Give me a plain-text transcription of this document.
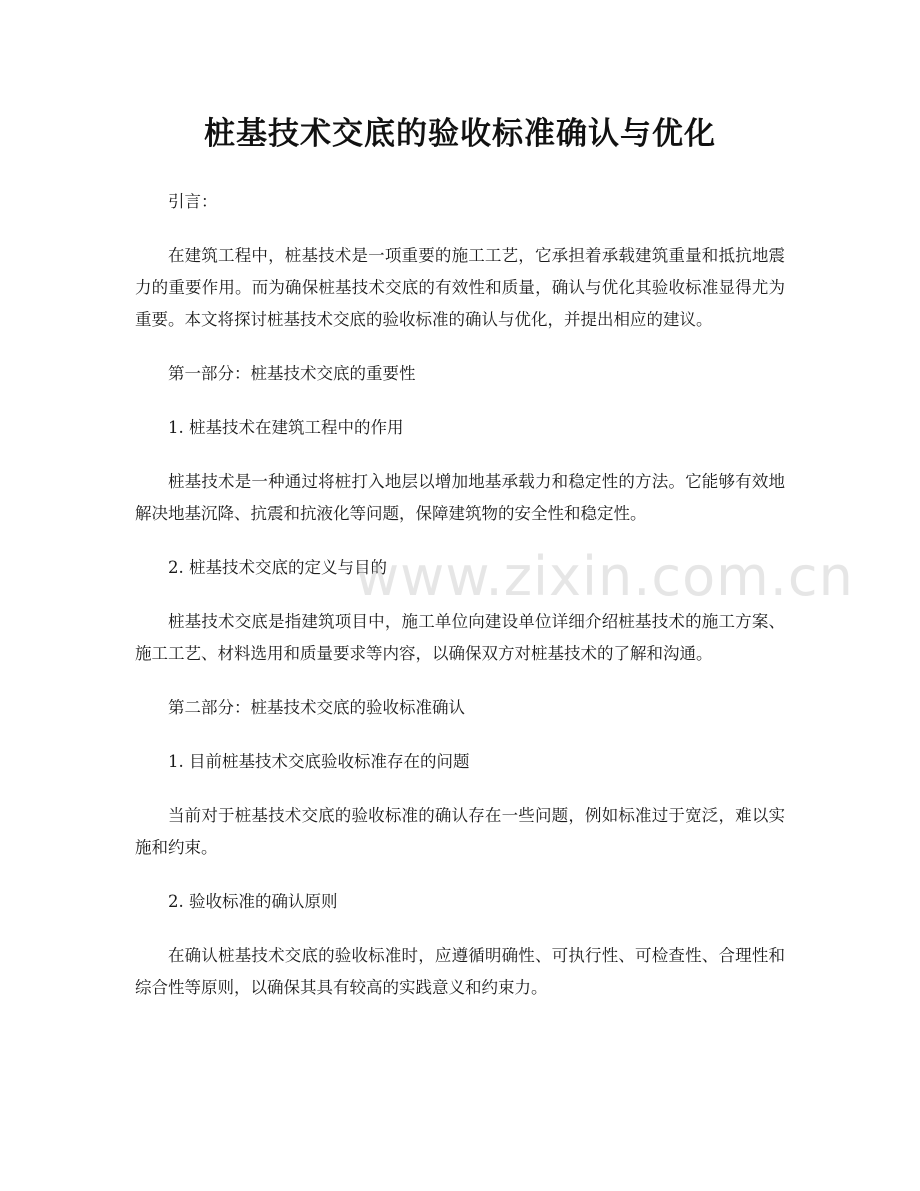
桩基技术交底的验收标准确认与优化

引言：

在建筑工程中，桩基技术是一项重要的施工工艺，它承担着承载建筑重量和抵抗地震力的重要作用。而为确保桩基技术交底的有效性和质量，确认与优化其验收标准显得尤为重要。本文将探讨桩基技术交底的验收标准的确认与优化，并提出相应的建议。

第一部分：桩基技术交底的重要性

1. 桩基技术在建筑工程中的作用

桩基技术是一种通过将桩打入地层以增加地基承载力和稳定性的方法。它能够有效地解决地基沉降、抗震和抗液化等问题，保障建筑物的安全性和稳定性。

2. 桩基技术交底的定义与目的

桩基技术交底是指建筑项目中，施工单位向建设单位详细介绍桩基技术的施工方案、施工工艺、材料选用和质量要求等内容，以确保双方对桩基技术的了解和沟通。

第二部分：桩基技术交底的验收标准确认

1. 目前桩基技术交底验收标准存在的问题

当前对于桩基技术交底的验收标准的确认存在一些问题，例如标准过于宽泛，难以实施和约束。

2. 验收标准的确认原则

在确认桩基技术交底的验收标准时，应遵循明确性、可执行性、可检查性、合理性和综合性等原则，以确保其具有较高的实践意义和约束力。

www.zixin.com.cn
